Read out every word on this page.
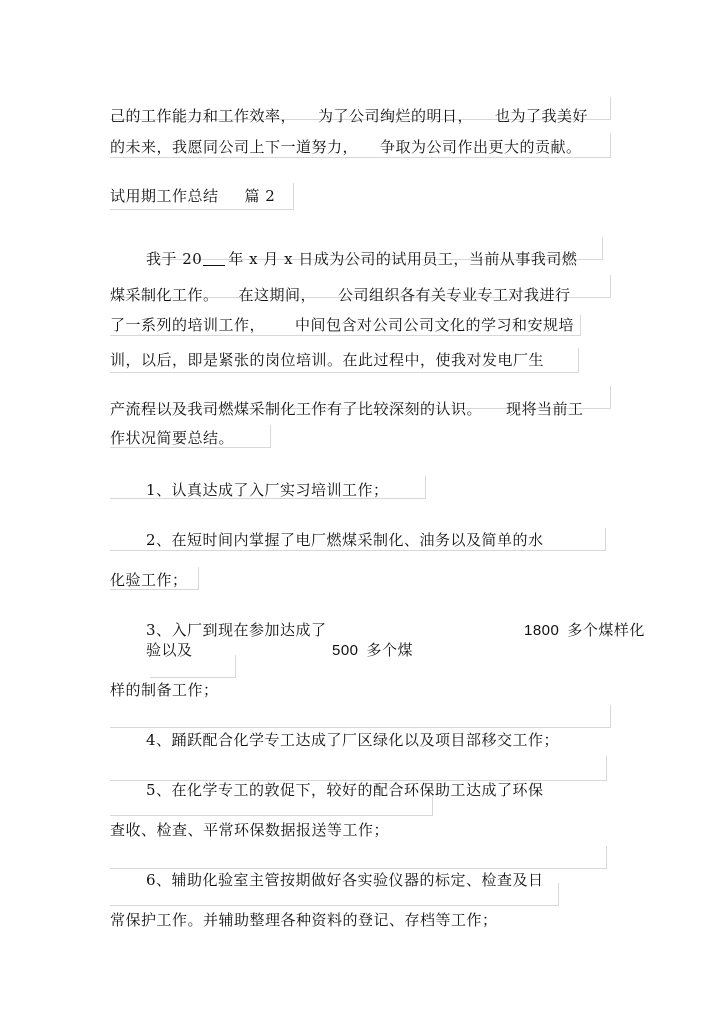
己的工作能力和工作效率， 为了公司绚烂的明日， 也为了我美好
的未来，我愿同公司上下一道努力， 争取为公司作出更大的贡献。
试用期工作总结 篇 2
我于 20 年 x 月 x 日成为公司的试用员工，当前从事我司燃
煤采制化工作。 在这期间， 公司组织各有关专业专工对我进行
了一系列的培训工作， 中间包含对公司公司文化的学习和安规培
训，以后，即是紧张的岗位培训。在此过程中，使我对发电厂生
产流程以及我司燃煤采制化工作有了比较深刻的认识。 现将当前工
作状况简要总结。
1、认真达成了入厂实习培训工作；
2、在短时间内掌握了电厂燃煤采制化、油务以及简单的水
化验工作；
3、入厂到现在参加达成了	1800 多个煤样化
验以及	500 多个煤
样的制备工作；
4、踊跃配合化学专工达成了厂区绿化以及项目部移交工作；
5、在化学专工的敦促下，较好的配合环保助工达成了环保
查收、检查、平常环保数据报送等工作；
6、辅助化验室主管按期做好各实验仪器的标定、检查及日
常保护工作。并辅助整理各种资料的登记、存档等工作；
